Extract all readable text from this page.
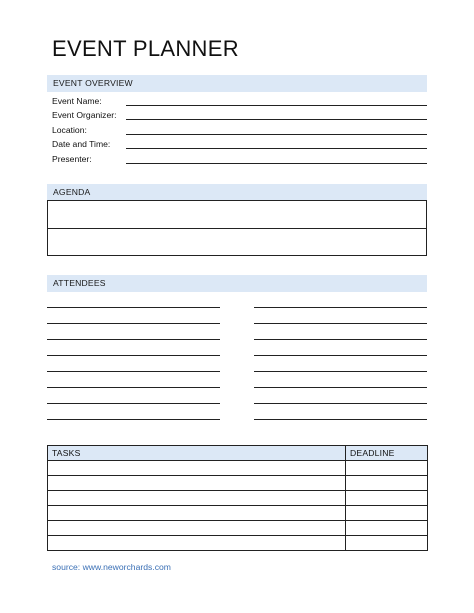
EVENT PLANNER
EVENT OVERVIEW
Event Name:
Event Organizer:
Location:
Date and Time:
Presenter:
AGENDA
ATTENDEES
TASKS	DEADLINE

source: www.neworchards.com
